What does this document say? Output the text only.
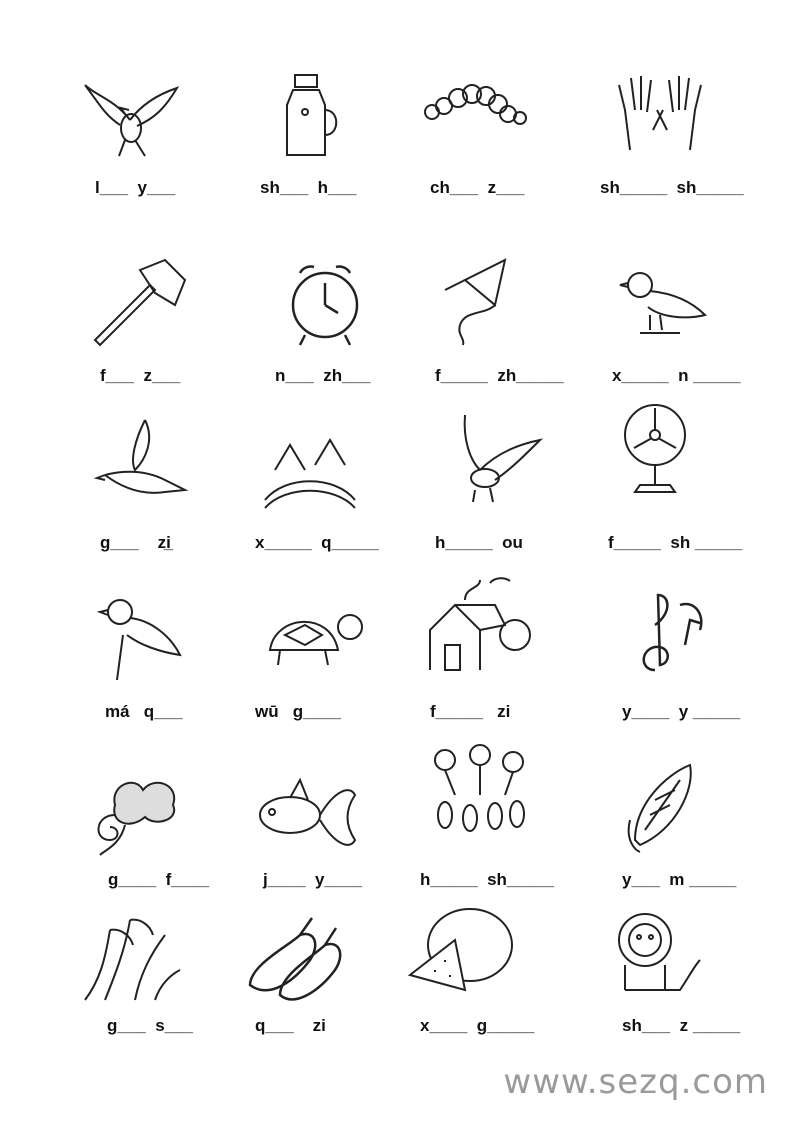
l___  y___	sh___  h___	ch___  z___	sh_____  sh_____
f___  z___	n___  zh___	f_____  zh_____	x_____  n _____
g___    zi̲	x_____  q_____	h_____  ou	f_____  sh _____
má   q___	wū   g____	f_____   zi	y____  y _____
g____  f____	j____  y____	h_____  sh_____	y___  m _____
g___  s___	q___    zi	x____  g_____	sh___  z _____
www.sezq.com
